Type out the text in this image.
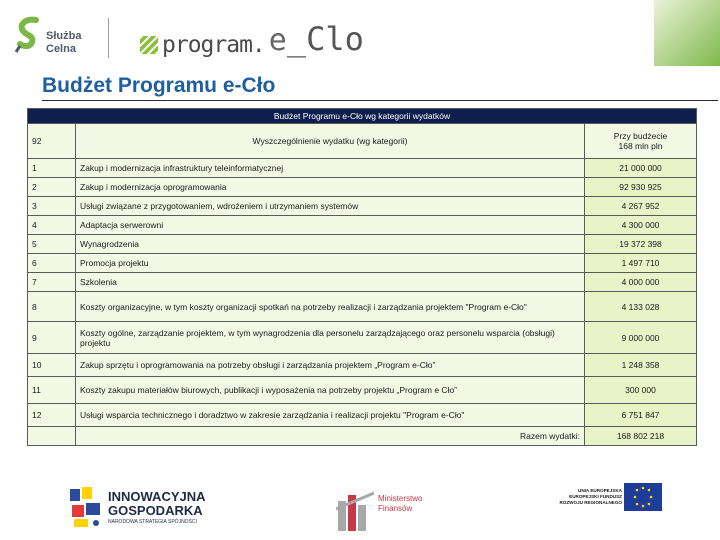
Służba
Celna	program. e _Clo
Budżet Programu e-Cło
Budżet Programu e-Cło wg kategorii wydatków		
92	Wyszczególnienie wydatku (wg kategorii)	Przy budżecie
168 mln pln

1	Zakup i modernizacja infrastruktury teleinformatycznej	21 000 000
2	Zakup i modernizacja oprogramowania	92 930 925
3	Usługi związane z przygotowaniem, wdrożeniem i utrzymaniem systemów	4 267 952
4	Adaptacja serwerowni	4 300 000
5	Wynagrodzenia	19 372 398
6	Promocja projektu	1 497 710
7	Szkolenia	4 000 000
8	Koszty organizacyjne, w tym koszty organizacji spotkań na potrzeby realizacji i zarządzania projektem "Program e-Cło"	4 133 028
9	Koszty ogólne, zarządzanie projektem, w tym wynagrodzenia dla personelu zarządzającego oraz personelu wsparcia (obsługi) projektu	9 000 000
10	Zakup sprzętu i oprogramowania na potrzeby obsługi i zarządzania projektem „Program e-Cło”	1 248 358
11	Koszty zakupu materiałów biurowych, publikacji i wyposażenia na potrzeby projektu „Program e Cło”	300 000
12	Usługi wsparcia technicznego i doradztwo w zakresie zarządzania i realizacji projektu "Program e-Cło"	6 751 847
	Razem wydatki:	168 802 218
INNOWACYJNA
GOSPODARKA
NARODOWA STRATEGIA SPÓJNOŚCI
Ministerstwo
Finansów
UNIA EUROPEJSKA
EUROPEJSKI FUNDUSZ
ROZWOJU REGIONALNEGO
